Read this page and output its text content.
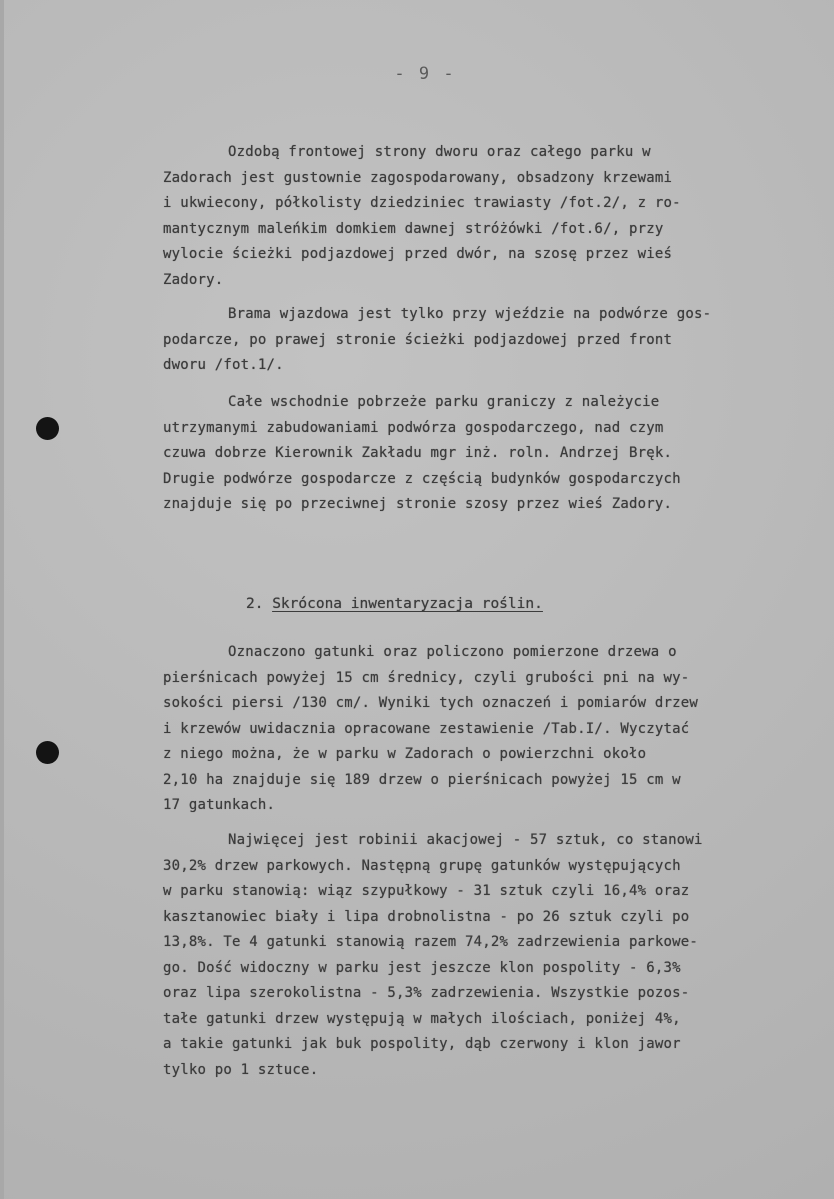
- 9 -

Ozdobą frontowej strony dworu oraz całego parku w
Zadorach jest gustownie zagospodarowany, obsadzony krzewami
i ukwiecony, półkolisty dziedziniec trawiasty /fot.2/, z ro-
mantycznym maleńkim domkiem dawnej stróżówki /fot.6/, przy
wylocie ścieżki podjazdowej przed dwór, na szosę przez wieś
Zadory.

Brama wjazdowa jest tylko przy wjeździe na podwórze gos-
podarcze, po prawej stronie ścieżki podjazdowej przed front
dworu /fot.1/.

Całe wschodnie pobrzeże parku graniczy z należycie
utrzymanymi zabudowaniami podwórza gospodarczego, nad czym
czuwa dobrze Kierownik Zakładu mgr inż. roln. Andrzej Bręk.
Drugie podwórze gospodarcze z częścią budynków gospodarczych
znajduje się po przeciwnej stronie szosy przez wieś Zadory.

2. Skrócona inwentaryzacja roślin.

Oznaczono gatunki oraz policzono pomierzone drzewa o
pierśnicach powyżej 15 cm średnicy, czyli grubości pni na wy-
sokości piersi /130 cm/. Wyniki tych oznaczeń i pomiarów drzew
i krzewów uwidacznia opracowane zestawienie /Tab.I/. Wyczytać
z niego można, że w parku w Zadorach o powierzchni około
2,10 ha znajduje się 189 drzew o pierśnicach powyżej 15 cm w
17 gatunkach.

Najwięcej jest robinii akacjowej - 57 sztuk, co stanowi
30,2% drzew parkowych. Następną grupę gatunków występujących
w parku stanowią: wiąz szypułkowy - 31 sztuk czyli 16,4% oraz
kasztanowiec biały i lipa drobnolistna - po 26 sztuk czyli po
13,8%. Te 4 gatunki stanowią razem 74,2% zadrzewienia parkowe-
go. Dość widoczny w parku jest jeszcze klon pospolity - 6,3%
oraz lipa szerokolistna - 5,3% zadrzewienia. Wszystkie pozos-
tałe gatunki drzew występują w małych ilościach, poniżej 4%,
a takie gatunki jak buk pospolity, dąb czerwony i klon jawor
tylko po 1 sztuce.
